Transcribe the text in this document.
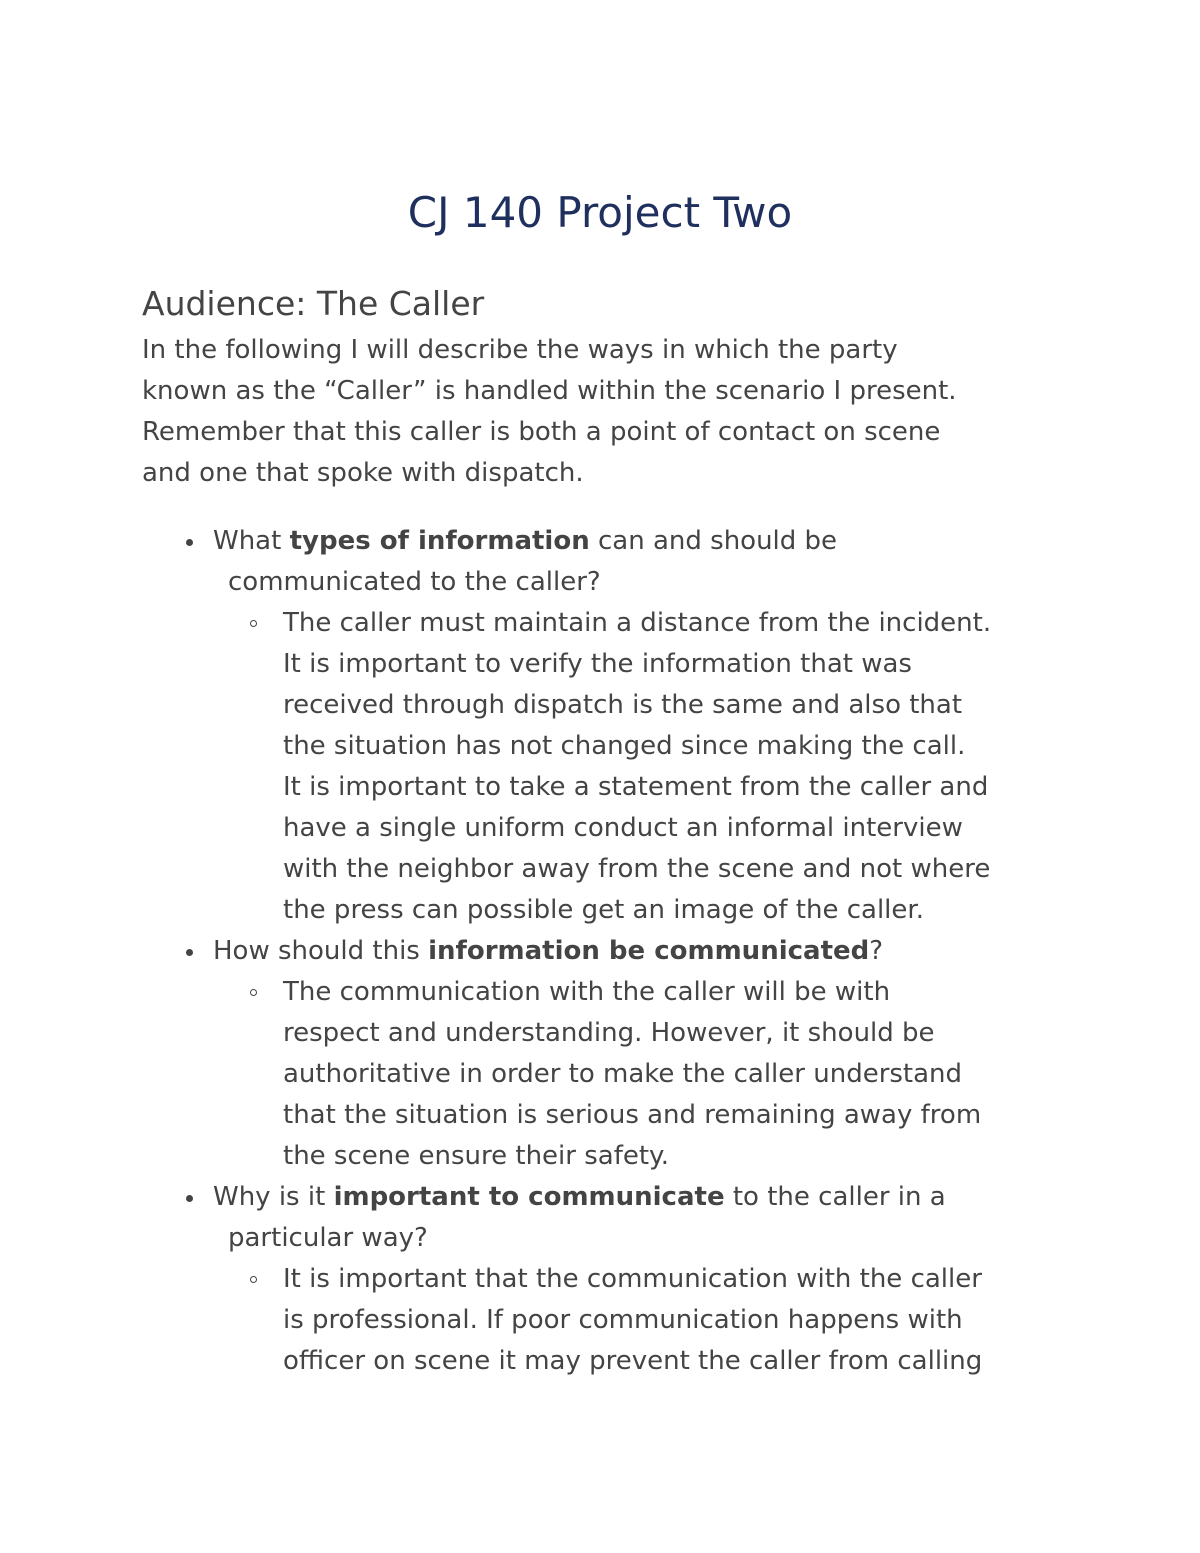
CJ 140 Project Two
Audience: The Caller

In the following I will describe the ways in which the party
known as the “Caller” is handled within the scenario I present.
Remember that this caller is both a point of contact on scene
and one that spoke with dispatch.

What types of information can and should be
communicated to the caller?
The caller must maintain a distance from the incident.
It is important to verify the information that was
received through dispatch is the same and also that
the situation has not changed since making the call.
It is important to take a statement from the caller and
have a single uniform conduct an informal interview
with the neighbor away from the scene and not where
the press can possible get an image of the caller.
How should this information be communicated?
The communication with the caller will be with
respect and understanding. However, it should be
authoritative in order to make the caller understand
that the situation is serious and remaining away from
the scene ensure their safety.
Why is it important to communicate to the caller in a
particular way?
It is important that the communication with the caller
is professional. If poor communication happens with
officer on scene it may prevent the caller from calling
